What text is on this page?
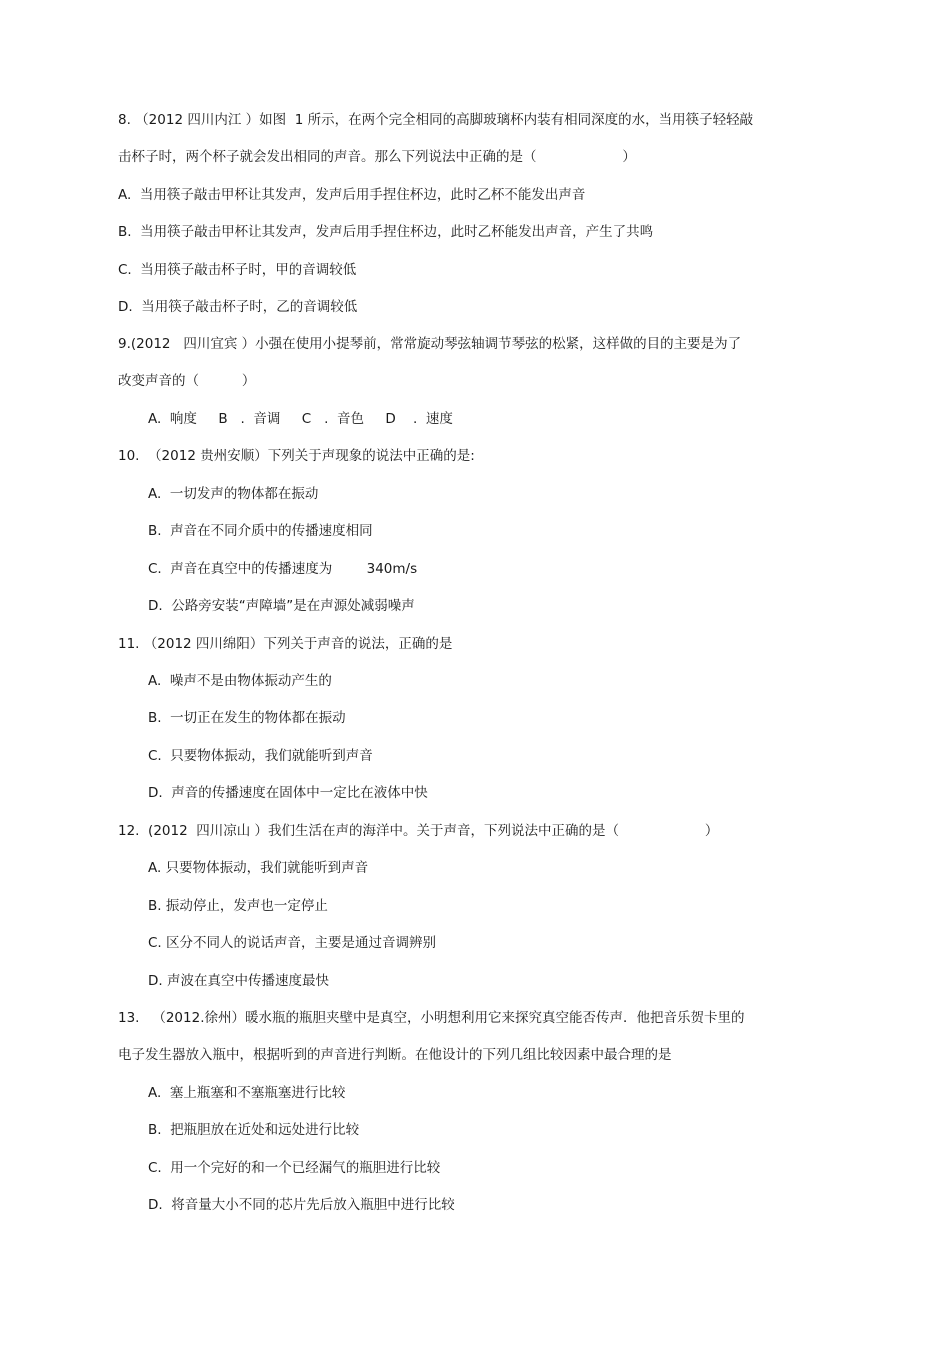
8. （2012 四川内江 ）如图  1 所示，在两个完全相同的高脚玻璃杯内装有相同深度的水，当用筷子轻轻敲
击杯子时，两个杯子就会发出相同的声音。那么下列说法中正确的是（                    ）
A.  当用筷子敲击甲杯让其发声，发声后用手捏住杯边，此时乙杯不能发出声音
B.  当用筷子敲击甲杯让其发声，发声后用手捏住杯边，此时乙杯能发出声音，产生了共鸣
C.  当用筷子敲击杯子时，甲的音调较低
D.  当用筷子敲击杯子时，乙的音调较低
9.(2012   四川宜宾 ）小强在使用小提琴前，常常旋动琴弦轴调节琴弦的松紧，这样做的目的主要是为了
改变声音的（          ）
A.  响度     B   .  音调     C   .  音色     D    .  速度
10.  （2012 贵州安顺）下列关于声现象的说法中正确的是:
A.  一切发声的物体都在振动
B.  声音在不同介质中的传播速度相同
C.  声音在真空中的传播速度为        340m/s
D.  公路旁安装“声障墙”是在声源处减弱噪声
11. （2012 四川绵阳）下列关于声音的说法，正确的是
A.  噪声不是由物体振动产生的
B.  一切正在发生的物体都在振动
C.  只要物体振动，我们就能听到声音
D.  声音的传播速度在固体中一定比在液体中快
12.  (2012  四川凉山 ）我们生活在声的海洋中。关于声音，下列说法中正确的是（                    ）
A. 只要物体振动，我们就能听到声音
B. 振动停止，发声也一定停止
C. 区分不同人的说话声音，主要是通过音调辨别
D. 声波在真空中传播速度最快
13.   （2012.徐州）暖水瓶的瓶胆夹壁中是真空，小明想利用它来探究真空能否传声．他把音乐贺卡里的
电子发生器放入瓶中，根据听到的声音进行判断。在他设计的下列几组比较因素中最合理的是
A.  塞上瓶塞和不塞瓶塞进行比较
B.  把瓶胆放在近处和远处进行比较
C.  用一个完好的和一个已经漏气的瓶胆进行比较
D.  将音量大小不同的芯片先后放入瓶胆中进行比较
